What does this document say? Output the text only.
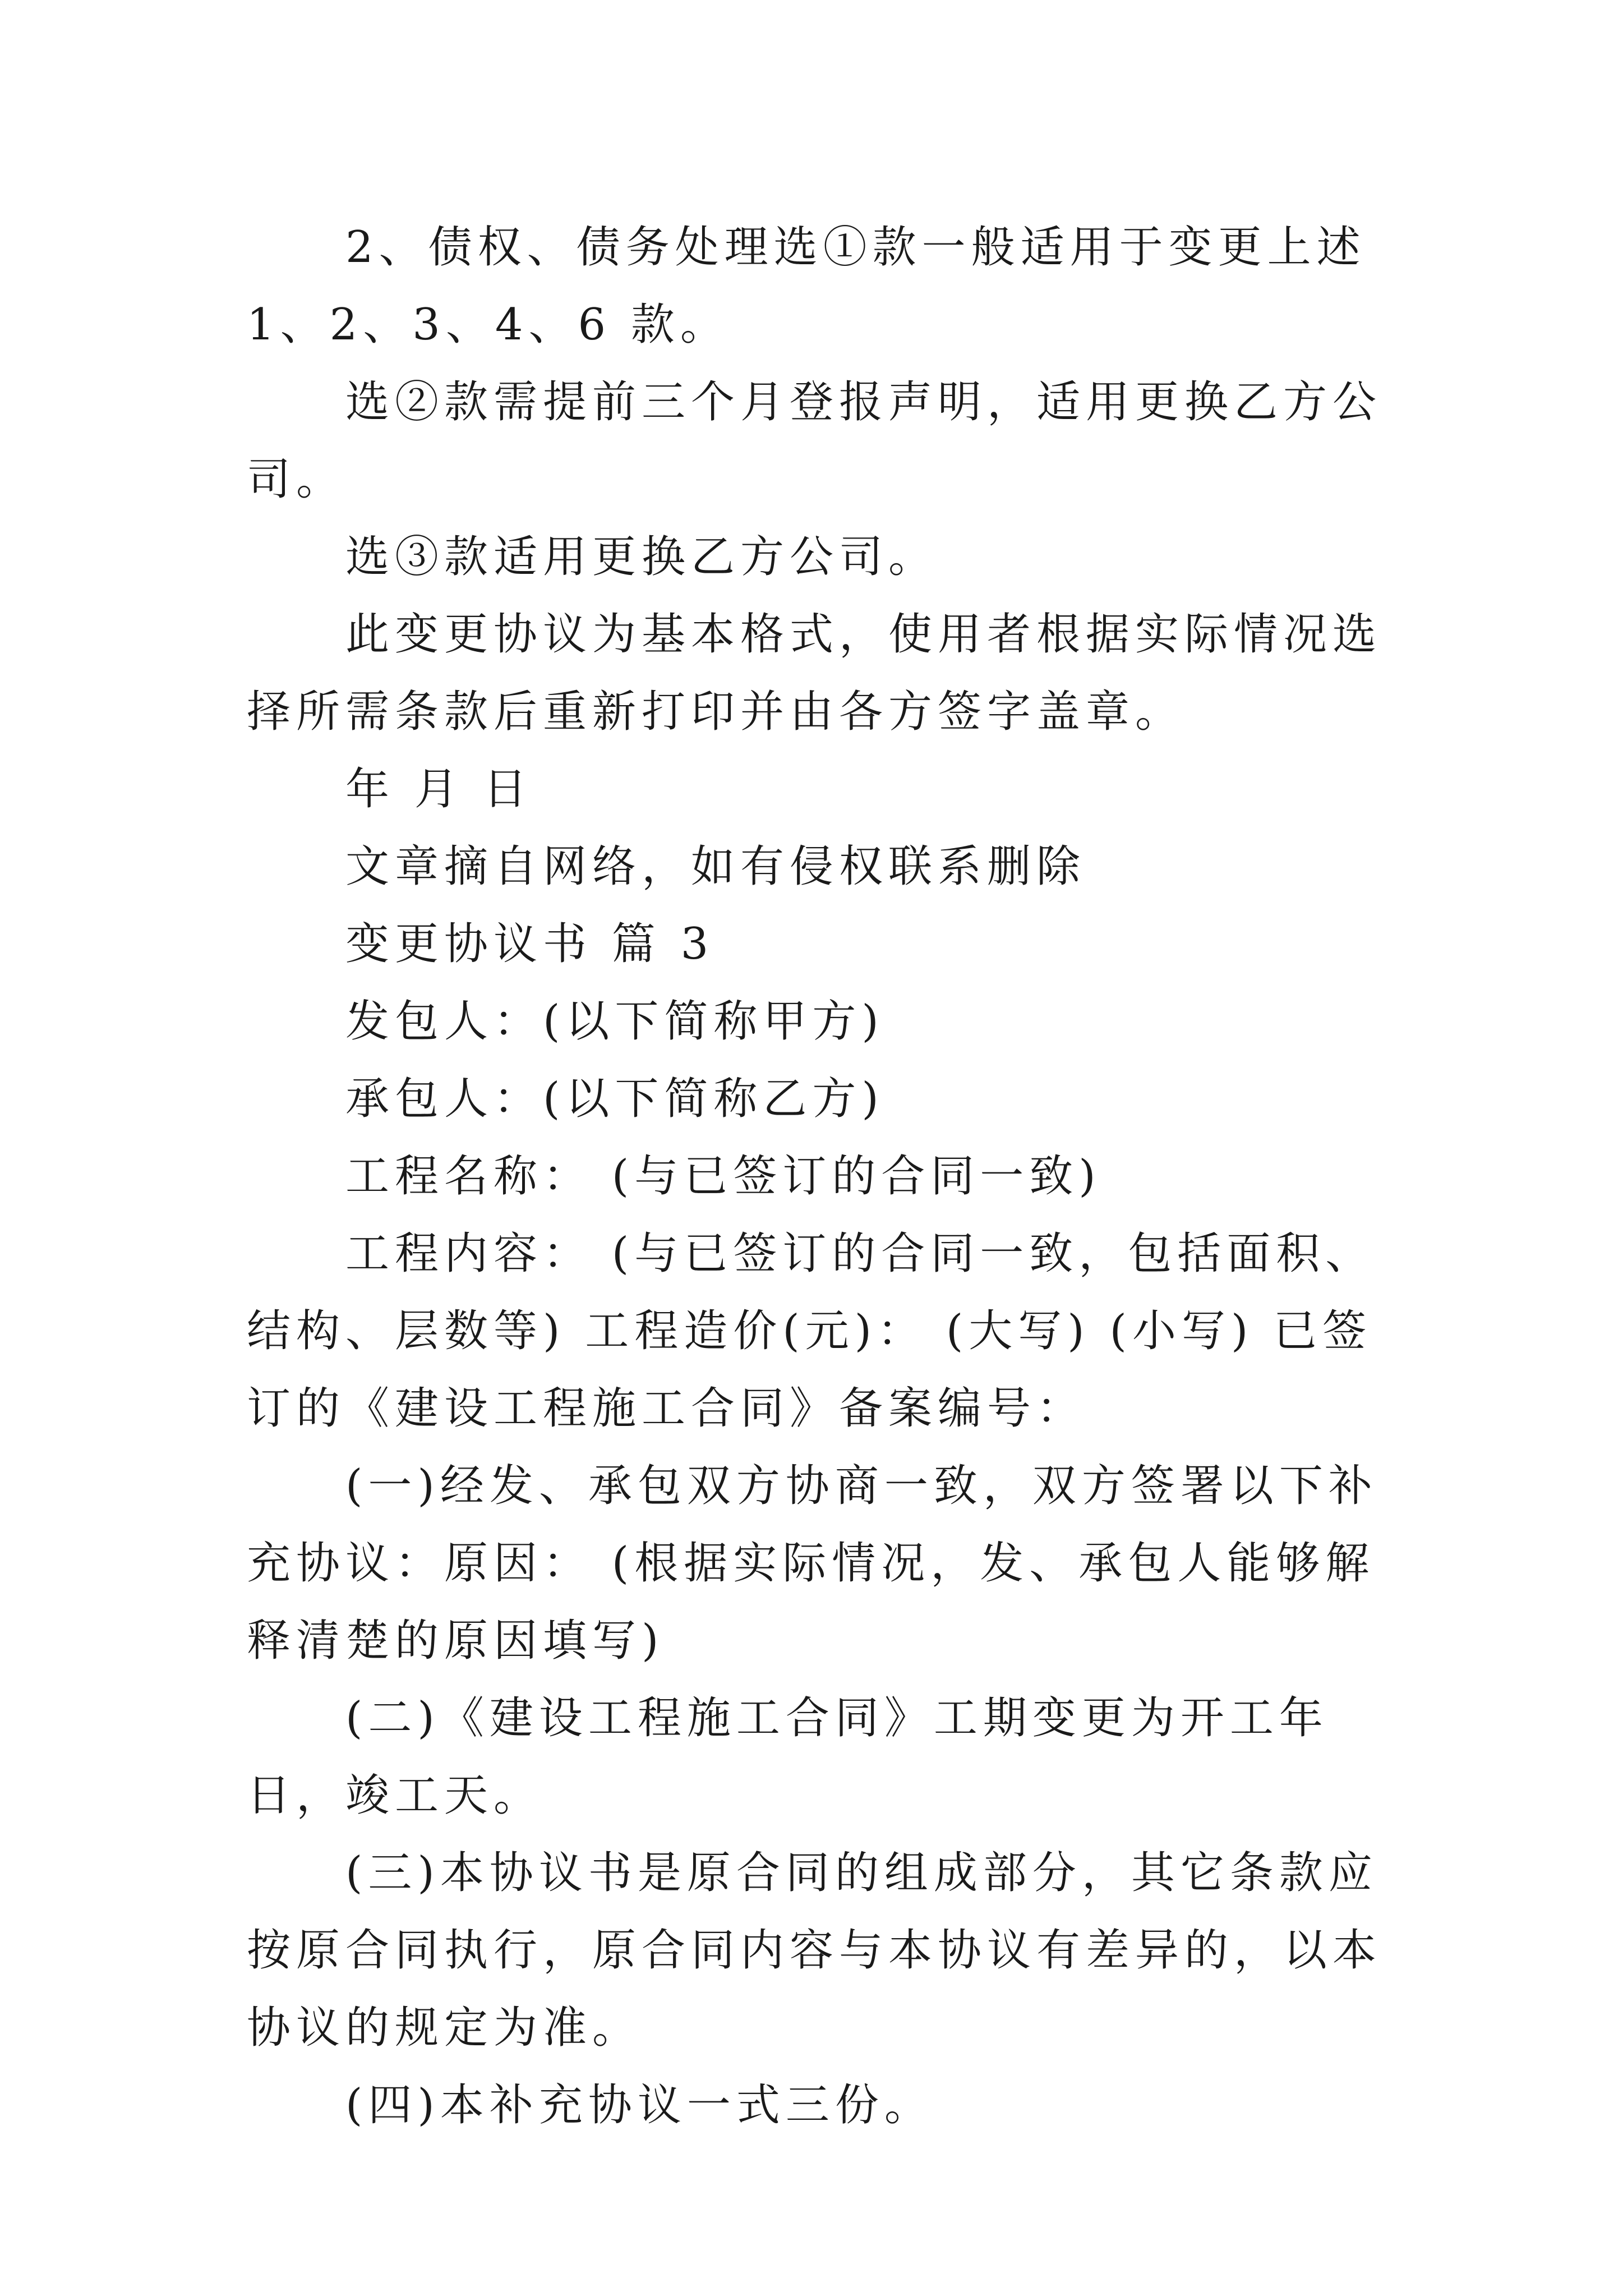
2、债权、债务处理选①款一般适用于变更上述 1、2、3、4、6 款。

选②款需提前三个月登报声明，适用更换乙方公司。

选③款适用更换乙方公司。

此变更协议为基本格式，使用者根据实际情况选择所需条款后重新打印并由各方签字盖章。

年 月 日

文章摘自网络，如有侵权联系删除

变更协议书 篇 3

发包人：(以下简称甲方)

承包人：(以下简称乙方)

工程名称： (与已签订的合同一致)

工程内容： (与已签订的合同一致，包括面积、结构、层数等) 工程造价(元)： (大写) (小写) 已签订的《建设工程施工合同》备案编号：

(一)经发、承包双方协商一致，双方签署以下补充协议：原因： (根据实际情况，发、承包人能够解释清楚的原因填写)

(二)《建设工程施工合同》工期变更为开工年日，竣工天。

(三)本协议书是原合同的组成部分，其它条款应按原合同执行，原合同内容与本协议有差异的，以本协议的规定为准。

(四)本补充协议一式三份。
